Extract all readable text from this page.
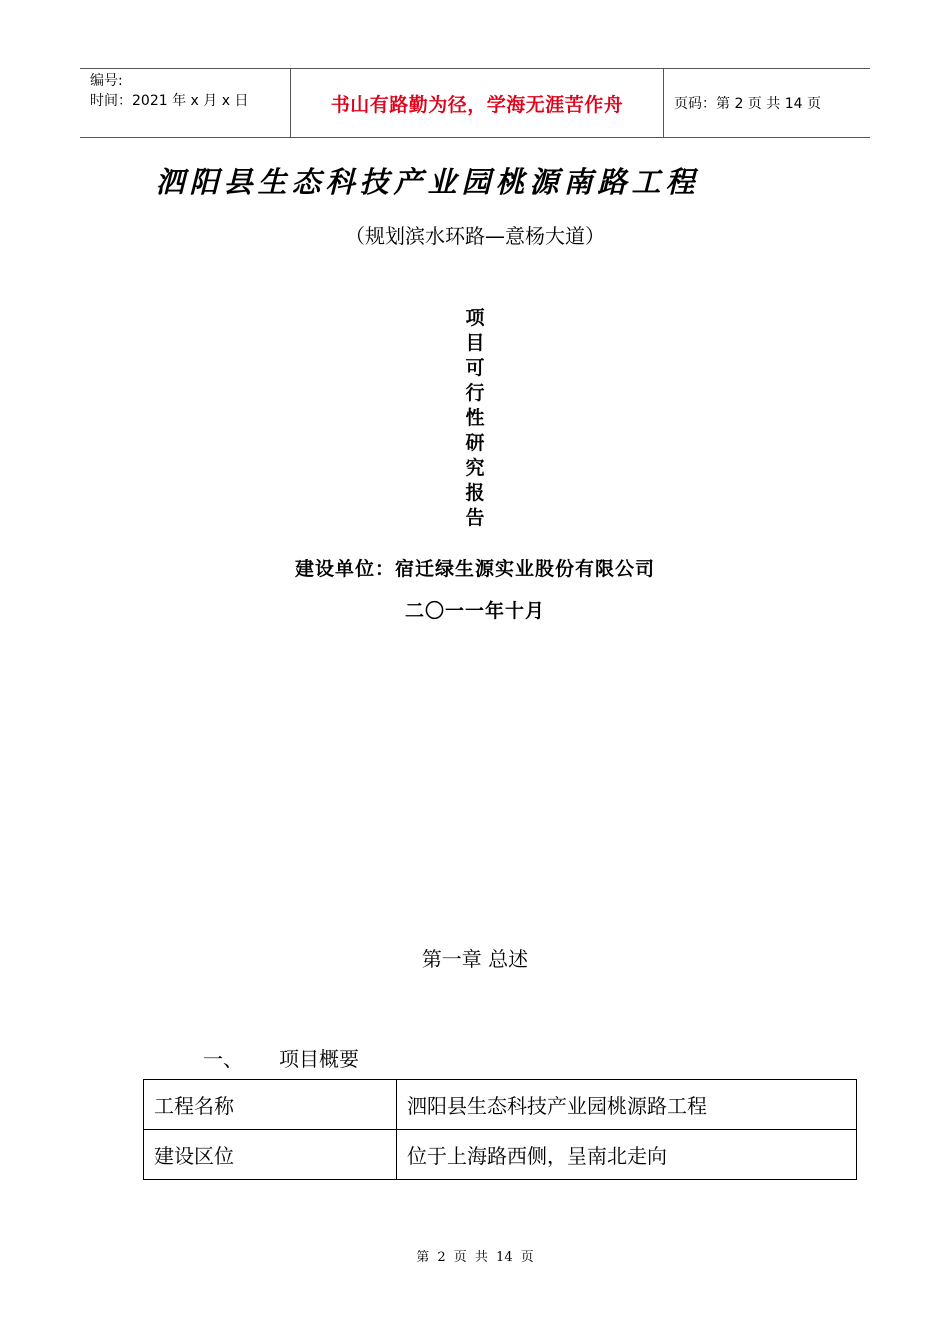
编号:
时间：2021 年 x 月 x 日	书山有路勤为径，学海无涯苦作舟	页码：第 2 页 共 14 页
泗阳县生态科技产业园桃源南路工程
（规划滨水环路—意杨大道）
项
目
可
行
性
研
究
报
告
建设单位：宿迁绿生源实业股份有限公司
二〇一一年十月
第一章 总述
一、	项目概要
工程名称	泗阳县生态科技产业园桃源路工程
建设区位	位于上海路西侧，呈南北走向
第 2 页 共 14 页
